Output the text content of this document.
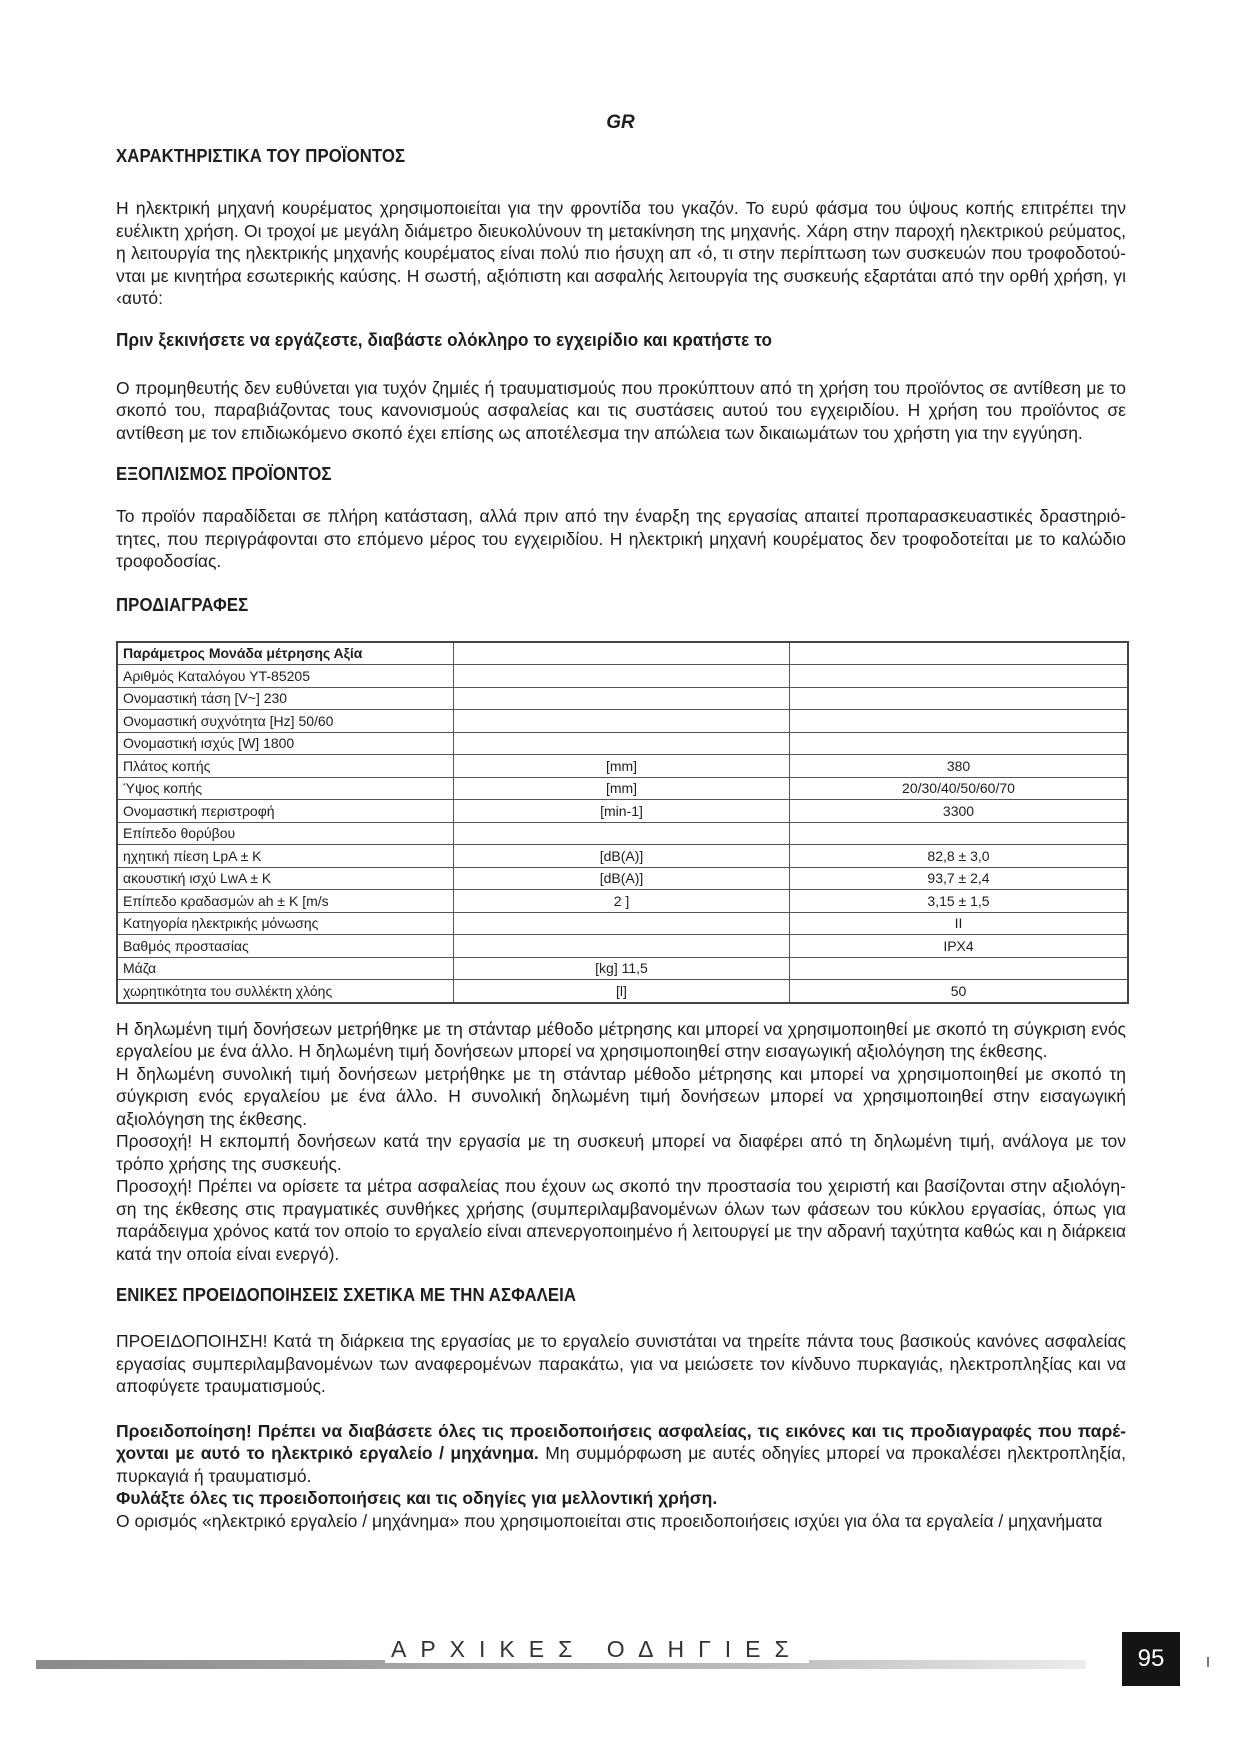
GR
ΧΑΡΑΚΤΗΡΙΣΤΙΚΑ ΤΟΥ ΠΡΟΪΟΝΤΟΣ

Η ηλεκτρική μηχανή κουρέματος χρησιμοποιείται για την φροντίδα του γκαζόν. Το ευρύ φάσμα του ύψους κοπής επιτρέπει την ευέλικτη χρήση. Οι τροχοί με μεγάλη διάμετρο διευκολύνουν τη μετακίνηση της μηχανής. Χάρη στην παροχή ηλεκτρικού ρεύματος, η λειτουργία της ηλεκτρικής μηχανής κουρέματος είναι πολύ πιο ήσυχη απ ‹ό, τι στην περίπτωση των συσκευών που τροφοδοτού-νται με κινητήρα εσωτερικής καύσης. Η σωστή, αξιόπιστη και ασφαλής λειτουργία της συσκευής εξαρτάται από την ορθή χρήση, γι ‹αυτό:

Πριν ξεκινήσετε να εργάζεστε, διαβάστε ολόκληρο το εγχειρίδιο και κρατήστε το

Ο προμηθευτής δεν ευθύνεται για τυχόν ζημιές ή τραυματισμούς που προκύπτουν από τη χρήση του προϊόντος σε αντίθεση με το σκοπό του, παραβιάζοντας τους κανονισμούς ασφαλείας και τις συστάσεις αυτού του εγχειριδίου. Η χρήση του προϊόντος σε αντίθεση με τον επιδιωκόμενο σκοπό έχει επίσης ως αποτέλεσμα την απώλεια των δικαιωμάτων του χρήστη για την εγγύηση.

ΕΞΟΠΛΙΣΜΟΣ ΠΡΟΪΟΝΤΟΣ

Το προϊόν παραδίδεται σε πλήρη κατάσταση, αλλά πριν από την έναρξη της εργασίας απαιτεί προπαρασκευαστικές δραστηριό-τητες, που περιγράφονται στο επόμενο μέρος του εγχειριδίου. Η ηλεκτρική μηχανή κουρέματος δεν τροφοδοτείται με το καλώδιο τροφοδοσίας.

ΠΡΟΔΙΑΓΡΑΦΕΣ
Παράμετρος Μονάδα μέτρησης Αξία		
Αριθμός Καταλόγου YT-85205		
Ονομαστική τάση [V~] 230		
Ονομαστική συχνότητα [Hz] 50/60		
Ονομαστική ισχύς [W] 1800		
Πλάτος κοπής	[mm]	380
Ύψος κοπής	[mm]	20/30/40/50/60/70
Ονομαστική περιστροφή	[min-1]	3300
Επίπεδο θορύβου		
ηχητική πίεση LpA ± K	[dB(A)]	82,8 ± 3,0
ακουστική ισχύ LwA ± K	[dB(A)]	93,7 ± 2,4
Επίπεδο κραδασμών ah ± K [m/s	2 ]	3,15 ± 1,5
Κατηγορία ηλεκτρικής μόνωσης		II
Βαθμός προστασίας		IPX4
Μάζα	[kg] 11,5	
χωρητικότητα του συλλέκτη χλόης	[l]	50

Η δηλωμένη τιμή δονήσεων μετρήθηκε με τη στάνταρ μέθοδο μέτρησης και μπορεί να χρησιμοποιηθεί με σκοπό τη σύγκριση ενός εργαλείου με ένα άλλο. Η δηλωμένη τιμή δονήσεων μπορεί να χρησιμοποιηθεί στην εισαγωγική αξιολόγηση της έκθεσης.

Η δηλωμένη συνολική τιμή δονήσεων μετρήθηκε με τη στάνταρ μέθοδο μέτρησης και μπορεί να χρησιμοποιηθεί με σκοπό τη σύγκριση ενός εργαλείου με ένα άλλο. Η συνολική δηλωμένη τιμή δονήσεων μπορεί να χρησιμοποιηθεί στην εισαγωγική αξιολόγηση της έκθεσης.

Προσοχή! Η εκπομπή δονήσεων κατά την εργασία με τη συσκευή μπορεί να διαφέρει από τη δηλωμένη τιμή, ανάλογα με τον τρόπο χρήσης της συσκευής.

Προσοχή! Πρέπει να ορίσετε τα μέτρα ασφαλείας που έχουν ως σκοπό την προστασία του χειριστή και βασίζονται στην αξιολόγη-ση της έκθεσης στις πραγματικές συνθήκες χρήσης (συμπεριλαμβανομένων όλων των φάσεων του κύκλου εργασίας, όπως για παράδειγμα χρόνος κατά τον οποίο το εργαλείο είναι απενεργοποιημένο ή λειτουργεί με την αδρανή ταχύτητα καθώς και η διάρκεια κατά την οποία είναι ενεργό).

ΕΝΙΚΕΣ ΠΡΟΕΙΔΟΠΟΙΗΣΕΙΣ ΣΧΕΤΙΚΑ ΜΕ ΤΗΝ ΑΣΦΑΛΕΙΑ

ΠΡΟΕΙΔΟΠΟΙΗΣΗ! Κατά τη διάρκεια της εργασίας με το εργαλείο συνιστάται να τηρείτε πάντα τους βασικούς κανόνες ασφαλείας εργασίας συμπεριλαμβανομένων των αναφερομένων παρακάτω, για να μειώσετε τον κίνδυνο πυρκαγιάς, ηλεκτροπληξίας και να αποφύγετε τραυματισμούς.

Προειδοποίηση! Πρέπει να διαβάσετε όλες τις προειδοποιήσεις ασφαλείας, τις εικόνες και τις προδιαγραφές που παρέ-χονται με αυτό το ηλεκτρικό εργαλείο / μηχάνημα. Μη συμμόρφωση με αυτές οδηγίες μπορεί να προκαλέσει ηλεκτροπληξία, πυρκαγιά ή τραυματισμό.

Φυλάξτε όλες τις προειδοποιήσεις και τις οδηγίες για μελλοντική χρήση.

Ο ορισμός «ηλεκτρικό εργαλείο / μηχάνημα» που χρησιμοποιείται στις προειδοποιήσεις ισχύει για όλα τα εργαλεία / μηχανήματα

ΑΡΧΙΚΕΣ ΟΔΗΓΙΕΣ	95
